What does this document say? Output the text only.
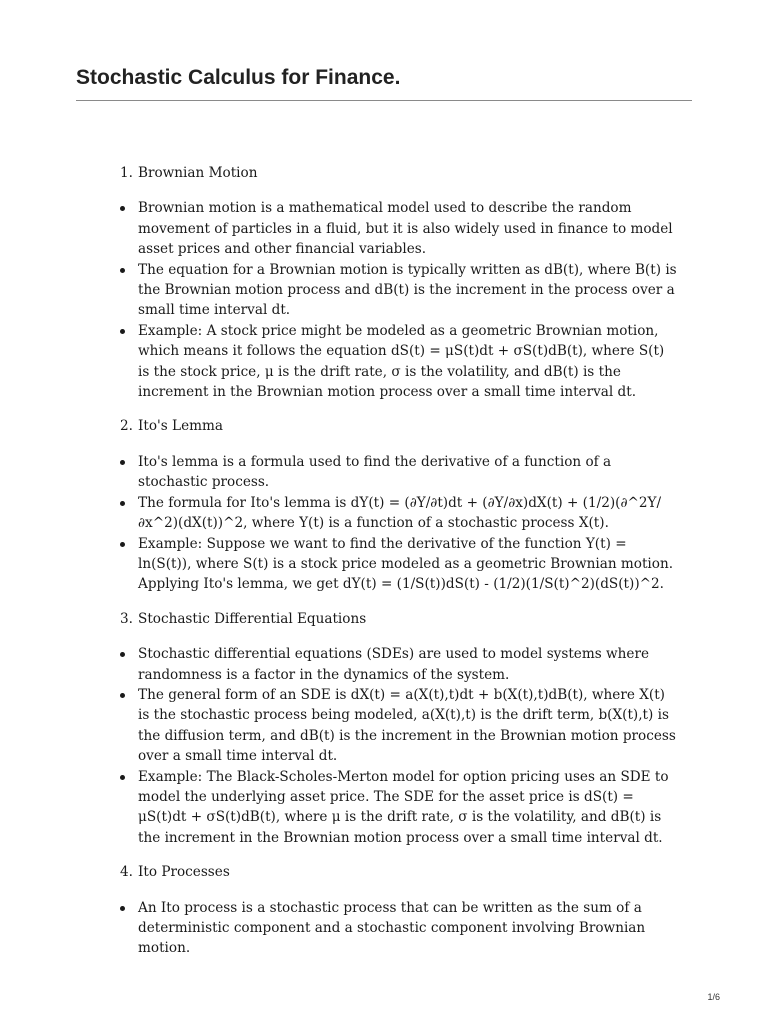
Stochastic Calculus for Finance.

1. Brownian Motion

Brownian motion is a mathematical model used to describe the random movement of particles in a fluid, but it is also widely used in finance to model asset prices and other financial variables.
The equation for a Brownian motion is typically written as dB(t), where B(t) is the Brownian motion process and dB(t) is the increment in the process over a small time interval dt.
Example: A stock price might be modeled as a geometric Brownian motion, which means it follows the equation dS(t) = μS(t)dt + σS(t)dB(t), where S(t) is the stock price, μ is the drift rate, σ is the volatility, and dB(t) is the increment in the Brownian motion process over a small time interval dt.

2. Ito's Lemma

Ito's lemma is a formula used to find the derivative of a function of a stochastic process.
The formula for Ito's lemma is dY(t) = (∂Y/∂t)dt + (∂Y/∂x)dX(t) + (1/2)(∂^2Y/∂x^2)(dX(t))^2, where Y(t) is a function of a stochastic process X(t).
Example: Suppose we want to find the derivative of the function Y(t) = ln(S(t)), where S(t) is a stock price modeled as a geometric Brownian motion. Applying Ito's lemma, we get dY(t) = (1/S(t))dS(t) - (1/2)(1/S(t)^2)(dS(t))^2.

3. Stochastic Differential Equations

Stochastic differential equations (SDEs) are used to model systems where randomness is a factor in the dynamics of the system.
The general form of an SDE is dX(t) = a(X(t),t)dt + b(X(t),t)dB(t), where X(t) is the stochastic process being modeled, a(X(t),t) is the drift term, b(X(t),t) is the diffusion term, and dB(t) is the increment in the Brownian motion process over a small time interval dt.
Example: The Black-Scholes-Merton model for option pricing uses an SDE to model the underlying asset price. The SDE for the asset price is dS(t) = μS(t)dt + σS(t)dB(t), where μ is the drift rate, σ is the volatility, and dB(t) is the increment in the Brownian motion process over a small time interval dt.

4. Ito Processes

An Ito process is a stochastic process that can be written as the sum of a deterministic component and a stochastic component involving Brownian motion.
1/6
